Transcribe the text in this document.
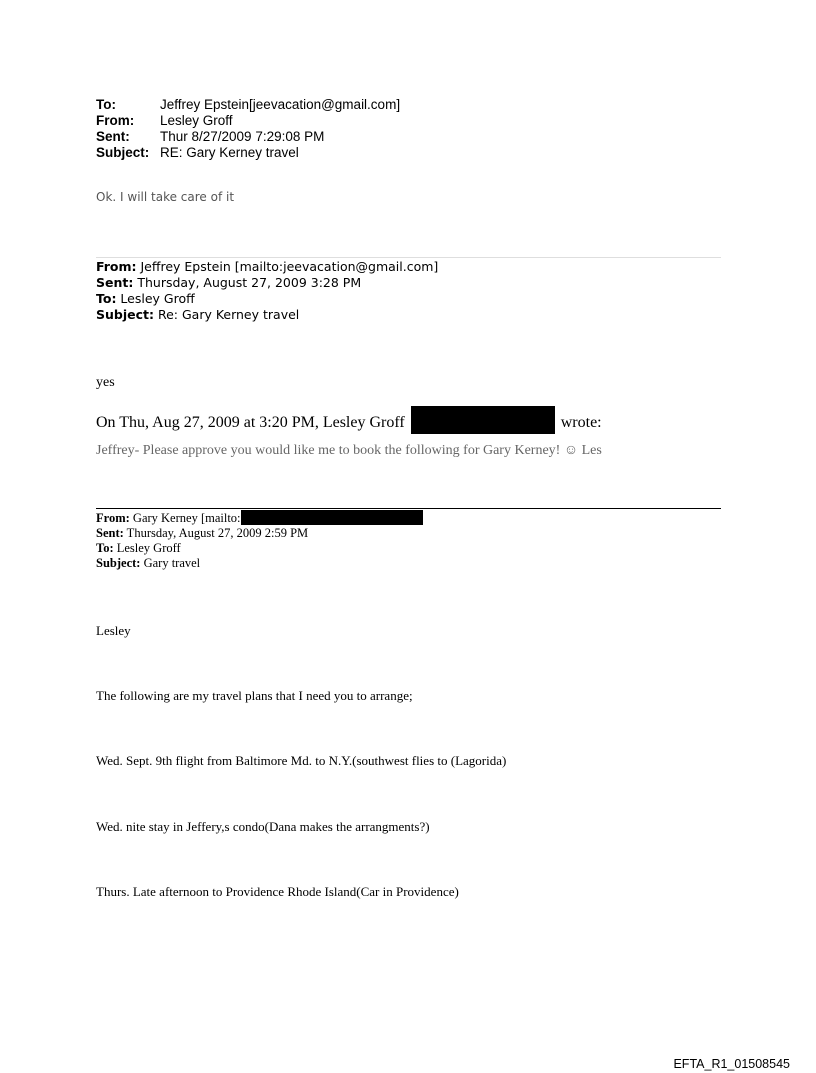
To:	Jeffrey Epstein[jeevacation@gmail.com]
From:	Lesley Groff
Sent:	Thur 8/27/2009 7:29:08 PM
Subject: RE: Gary Kerney travel
Ok. I will take care of it
From: Jeffrey Epstein [mailto:jeevacation@gmail.com]
Sent: Thursday, August 27, 2009 3:28 PM
To: Lesley Groff
Subject: Re: Gary Kerney travel
yes
On Thu, Aug 27, 2009 at 3:20 PM, Lesley Groff	wrote:
Jeffrey- Please approve you would like me to book the following for Gary Kerney! ☺ Les
From: Gary Kerney [mailto:
Sent: Thursday, August 27, 2009 2:59 PM
To: Lesley Groff
Subject: Gary travel
Lesley
The following are my travel plans that I need you to arrange;
Wed. Sept. 9th flight from Baltimore Md. to N.Y.(southwest flies to (Lagorida)
Wed. nite stay in Jeffery,s condo(Dana makes the arrangments?)
Thurs. Late afternoon to Providence Rhode Island(Car in Providence)
EFTA_R1_01508545
